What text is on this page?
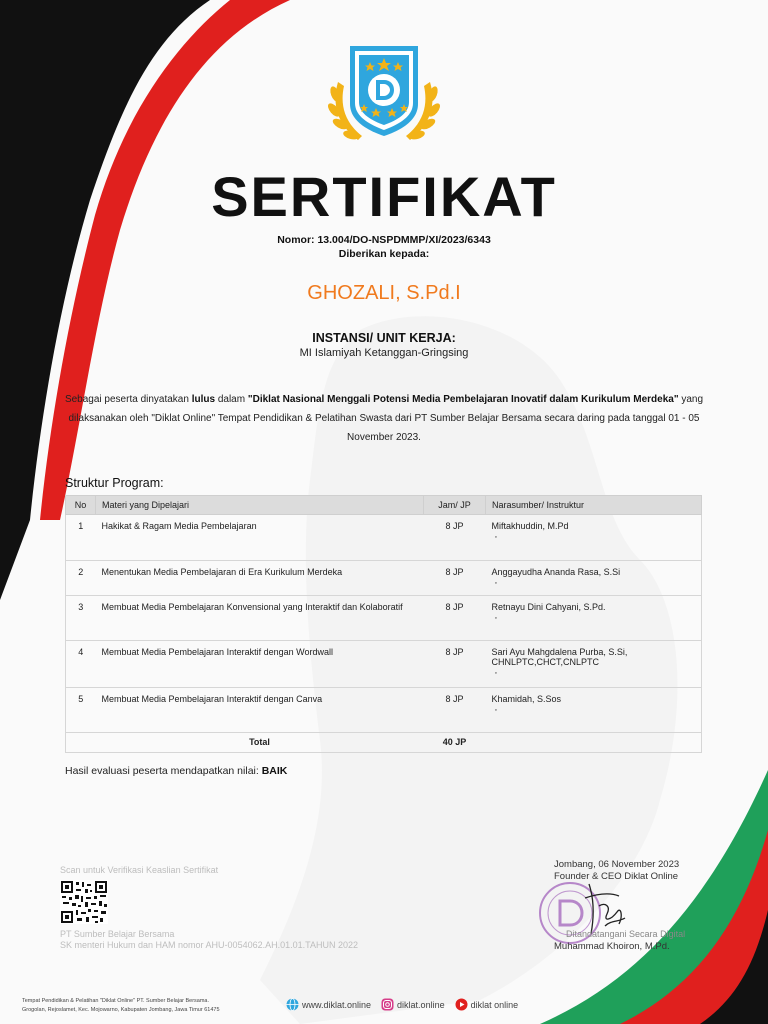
SERTIFIKAT
Nomor: 13.004/DO-NSPDMMP/XI/2023/6343
Diberikan kepada:
GHOZALI, S.Pd.I
INSTANSI/ UNIT KERJA:
MI Islamiyah Ketanggan-Gringsing
Sebagai peserta dinyatakan lulus dalam "Diklat Nasional Menggali Potensi Media Pembelajaran Inovatif dalam Kurikulum Merdeka" yang dilaksanakan oleh "Diklat Online" Tempat Pendidikan & Pelatihan Swasta dari PT Sumber Belajar Bersama secara daring pada tanggal 01 - 05 November 2023.
Struktur Program:
No	Materi yang Dipelajari	Jam/ JP	Narasumber/ Instruktur
1	Hakikat & Ragam Media Pembelajaran	8 JP	Miftakhuddin, M.Pd
◦

2	Menentukan Media Pembelajaran di Era Kurikulum Merdeka	8 JP	Anggayudha Ananda Rasa, S.Si
◦

3	Membuat Media Pembelajaran Konvensional yang Interaktif dan Kolaboratif	8 JP	Retnayu Dini Cahyani, S.Pd.
◦

4	Membuat Media Pembelajaran Interaktif dengan Wordwall	8 JP	Sari Ayu Mahgdalena Purba, S.Si, CHNLPTC,CHCT,CNLPTC
◦

5	Membuat Media Pembelajaran Interaktif dengan Canva	8 JP	Khamidah, S.Sos
◦

	Total	40 JP	
Hasil evaluasi peserta mendapatkan nilai: BAIK
Scan untuk Verifikasi Keaslian Sertifikat
PT Sumber Belajar Bersama
SK menteri Hukum dan HAM nomor AHU-0054062.AH.01.01.TAHUN 2022
Jombang, 06 November 2023
Founder & CEO Diklat Online
Ditandatangani Secara Digital
Muhammad Khoiron, M.Pd.
Tempat Pendidikan & Pelatihan "Diklat Online" PT. Sumber Belajar Bersama.
Grogolan, Rejoslamet, Kec. Mojowarno, Kabupaten Jombang, Jawa Timur 61475
www.diklat.online	diklat.online	diklat online
